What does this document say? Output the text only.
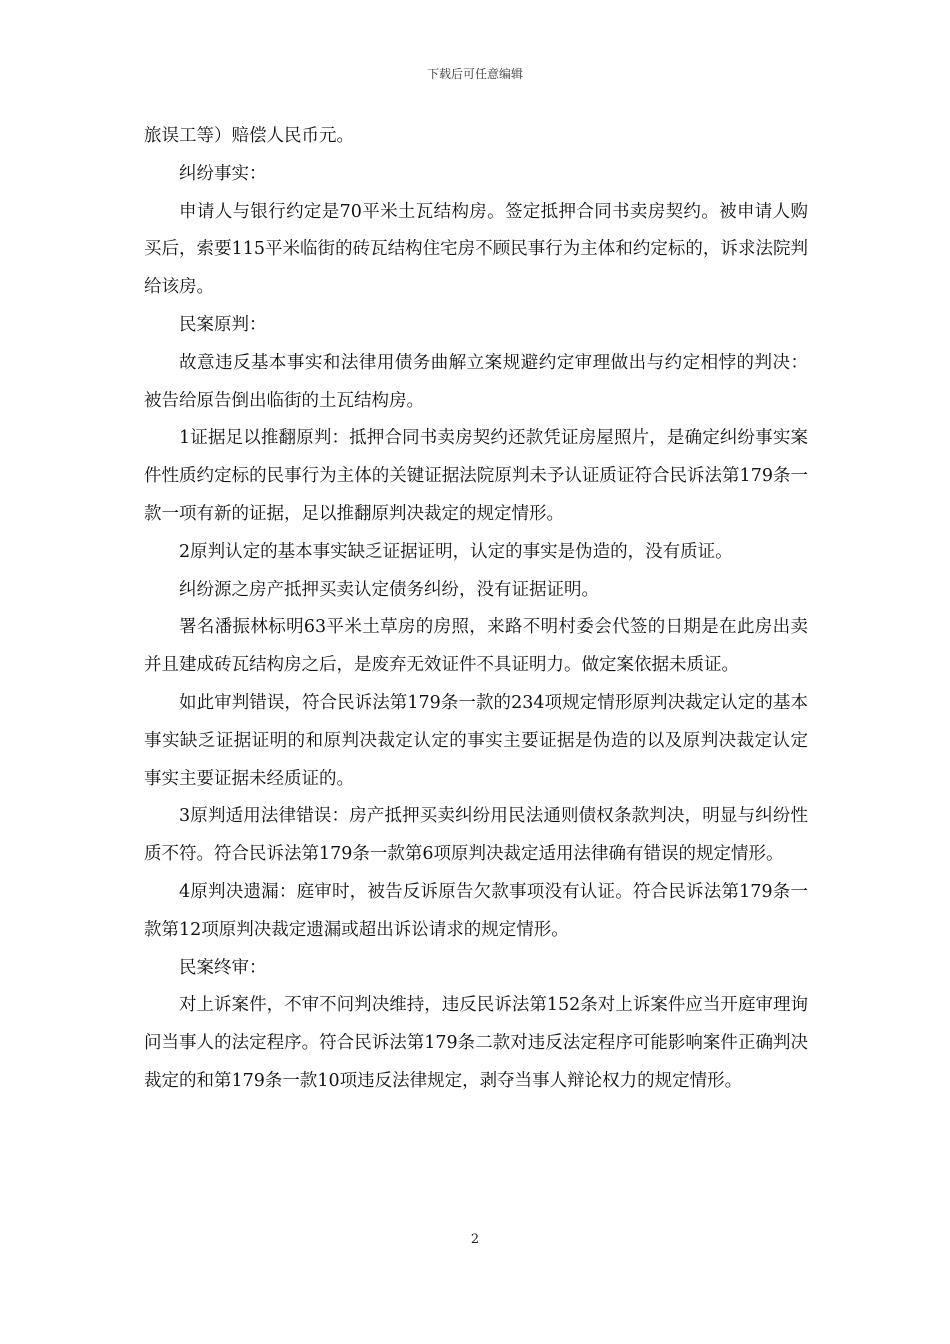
下载后可任意编辑

旅误工等）赔偿人民币元。

纠纷事实：

申请人与银行约定是70平米土瓦结构房。签定抵押合同书卖房契约。被申请人购买后，索要115平米临街的砖瓦结构住宅房不顾民事行为主体和约定标的，诉求法院判给该房。

民案原判：

故意违反基本事实和法律用债务曲解立案规避约定审理做出与约定相悖的判决：被告给原告倒出临街的土瓦结构房。

1证据足以推翻原判：抵押合同书卖房契约还款凭证房屋照片，是确定纠纷事实案件性质约定标的民事行为主体的关键证据法院原判未予认证质证符合民诉法第179条一款一项有新的证据，足以推翻原判决裁定的规定情形。

2原判认定的基本事实缺乏证据证明，认定的事实是伪造的，没有质证。

纠纷源之房产抵押买卖认定债务纠纷，没有证据证明。

署名潘振林标明63平米土草房的房照，来路不明村委会代签的日期是在此房出卖并且建成砖瓦结构房之后，是废弃无效证件不具证明力。做定案依据未质证。

如此审判错误，符合民诉法第179条一款的234项规定情形原判决裁定认定的基本事实缺乏证据证明的和原判决裁定认定的事实主要证据是伪造的以及原判决裁定认定事实主要证据未经质证的。

3原判适用法律错误：房产抵押买卖纠纷用民法通则债权条款判决，明显与纠纷性质不符。符合民诉法第179条一款第6项原判决裁定适用法律确有错误的规定情形。

4原判决遗漏：庭审时，被告反诉原告欠款事项没有认证。符合民诉法第179条一款第12项原判决裁定遗漏或超出诉讼请求的规定情形。

民案终审：

对上诉案件，不审不问判决维持，违反民诉法第152条对上诉案件应当开庭审理询问当事人的法定程序。符合民诉法第179条二款对违反法定程序可能影响案件正确判决裁定的和第179条一款10项违反法律规定，剥夺当事人辩论权力的规定情形。

2
